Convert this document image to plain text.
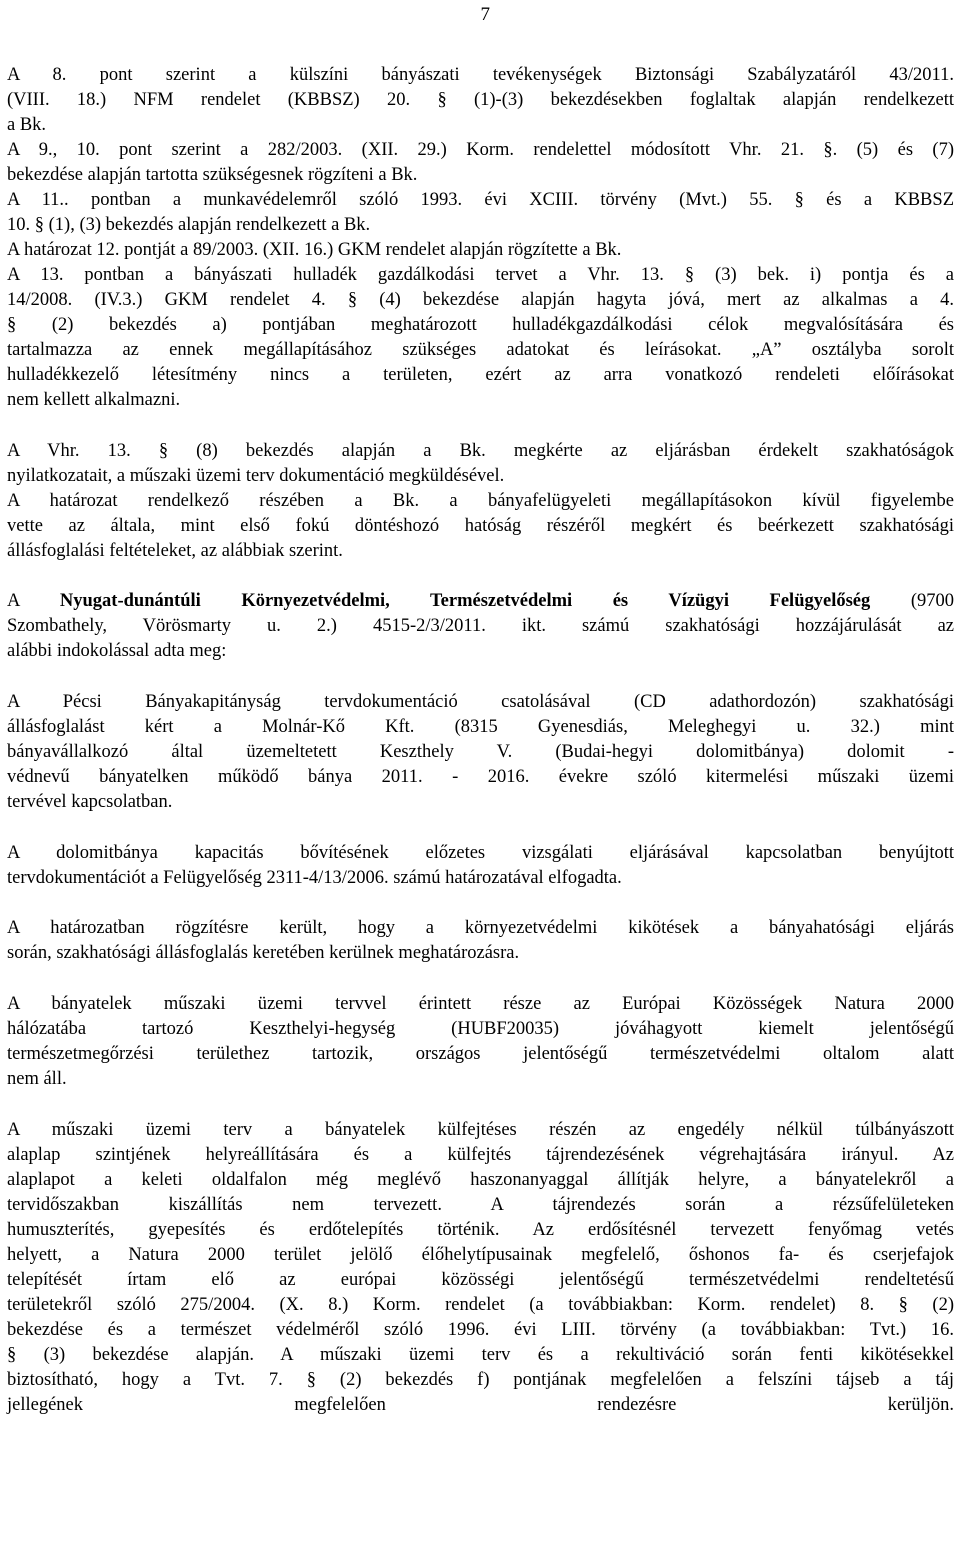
7
A 8. pont szerint a külszíni bányászati tevékenységek Biztonsági Szabályzatáról 43/2011.
(VIII. 18.) NFM rendelet (KBBSZ) 20. § (1)-(3) bekezdésekben foglaltak alapján rendelkezett
a Bk.
A 9., 10. pont szerint a 282/2003. (XII. 29.) Korm. rendelettel módosított Vhr. 21. §. (5) és (7)
bekezdése alapján tartotta szükségesnek rögzíteni a Bk.
A 11.. pontban a munkavédelemről szóló 1993. évi XCIII. törvény (Mvt.) 55. § és a KBBSZ
10. § (1), (3) bekezdés alapján rendelkezett a Bk.
A határozat 12. pontját a 89/2003. (XII. 16.) GKM rendelet alapján rögzítette a Bk.
A 13. pontban a bányászati hulladék gazdálkodási tervet a Vhr. 13. § (3) bek. i) pontja és a
14/2008. (IV.3.) GKM rendelet 4. § (4) bekezdése alapján hagyta jóvá, mert az alkalmas a 4.
§ (2) bekezdés a) pontjában meghatározott hulladékgazdálkodási célok megvalósítására és
tartalmazza az ennek megállapításához szükséges adatokat és leírásokat. „A” osztályba sorolt
hulladékkezelő létesítmény nincs a területen, ezért az arra vonatkozó rendeleti előírásokat
nem kellett alkalmazni.
A Vhr. 13. § (8) bekezdés alapján a Bk. megkérte az eljárásban érdekelt szakhatóságok
nyilatkozatait, a műszaki üzemi terv dokumentáció megküldésével.
A határozat rendelkező részében a Bk. a bányafelügyeleti megállapításokon kívül figyelembe
vette az általa, mint első fokú döntéshozó hatóság részéről megkért és beérkezett szakhatósági
állásfoglalási feltételeket, az alábbiak szerint.
A Nyugat-dunántúli Környezetvédelmi, Természetvédelmi és Vízügyi Felügyelőség (9700
Szombathely, Vörösmarty u. 2.) 4515-2/3/2011. ikt. számú szakhatósági hozzájárulását az
alábbi indokolással adta meg:
A Pécsi Bányakapitányság tervdokumentáció csatolásával (CD adathordozón) szakhatósági
állásfoglalást kért a Molnár-Kő Kft. (8315 Gyenesdiás, Meleghegyi u. 32.) mint
bányavállalkozó által üzemeltetett Keszthely V. (Budai-hegyi dolomitbánya) dolomit -
védnevű bányatelken működő bánya 2011. - 2016. évekre szóló kitermelési műszaki üzemi
tervével kapcsolatban.
A dolomitbánya kapacitás bővítésének előzetes vizsgálati eljárásával kapcsolatban benyújtott
tervdokumentációt a Felügyelőség 2311-4/13/2006. számú határozatával elfogadta.
A határozatban rögzítésre került, hogy a környezetvédelmi kikötések a bányahatósági eljárás
során, szakhatósági állásfoglalás keretében kerülnek meghatározásra.
A bányatelek műszaki üzemi tervvel érintett része az Európai Közösségek Natura 2000
hálózatába tartozó Keszthelyi-hegység (HUBF20035) jóváhagyott kiemelt jelentőségű
természetmegőrzési területhez tartozik, országos jelentőségű természetvédelmi oltalom alatt
nem áll.
A műszaki üzemi terv a bányatelek külfejtéses részén az engedély nélkül túlbányászott
alaplap szintjének helyreállítására és a külfejtés tájrendezésének végrehajtására irányul. Az
alaplapot a keleti oldalfalon még meglévő haszonanyaggal állítják helyre, a bányatelekről a
tervidőszakban kiszállítás nem tervezett. A tájrendezés során a rézsűfelületeken
humuszterítés, gyepesítés és erdőtelepítés történik. Az erdősítésnél tervezett fenyőmag vetés
helyett, a Natura 2000 terület jelölő élőhelytípusainak megfelelő, őshonos fa- és cserjefajok
telepítését írtam elő az európai közösségi jelentőségű természetvédelmi rendeltetésű
területekről szóló 275/2004. (X. 8.) Korm. rendelet (a továbbiakban: Korm. rendelet) 8. § (2)
bekezdése és a természet védelméről szóló 1996. évi LIII. törvény (a továbbiakban: Tvt.) 16.
§ (3) bekezdése alapján. A műszaki üzemi terv és a rekultiváció során fenti kikötésekkel
biztosítható, hogy a Tvt. 7. § (2) bekezdés f) pontjának megfelelően a felszíni tájseb a táj
jellegének megfelelően rendezésre kerüljön.
